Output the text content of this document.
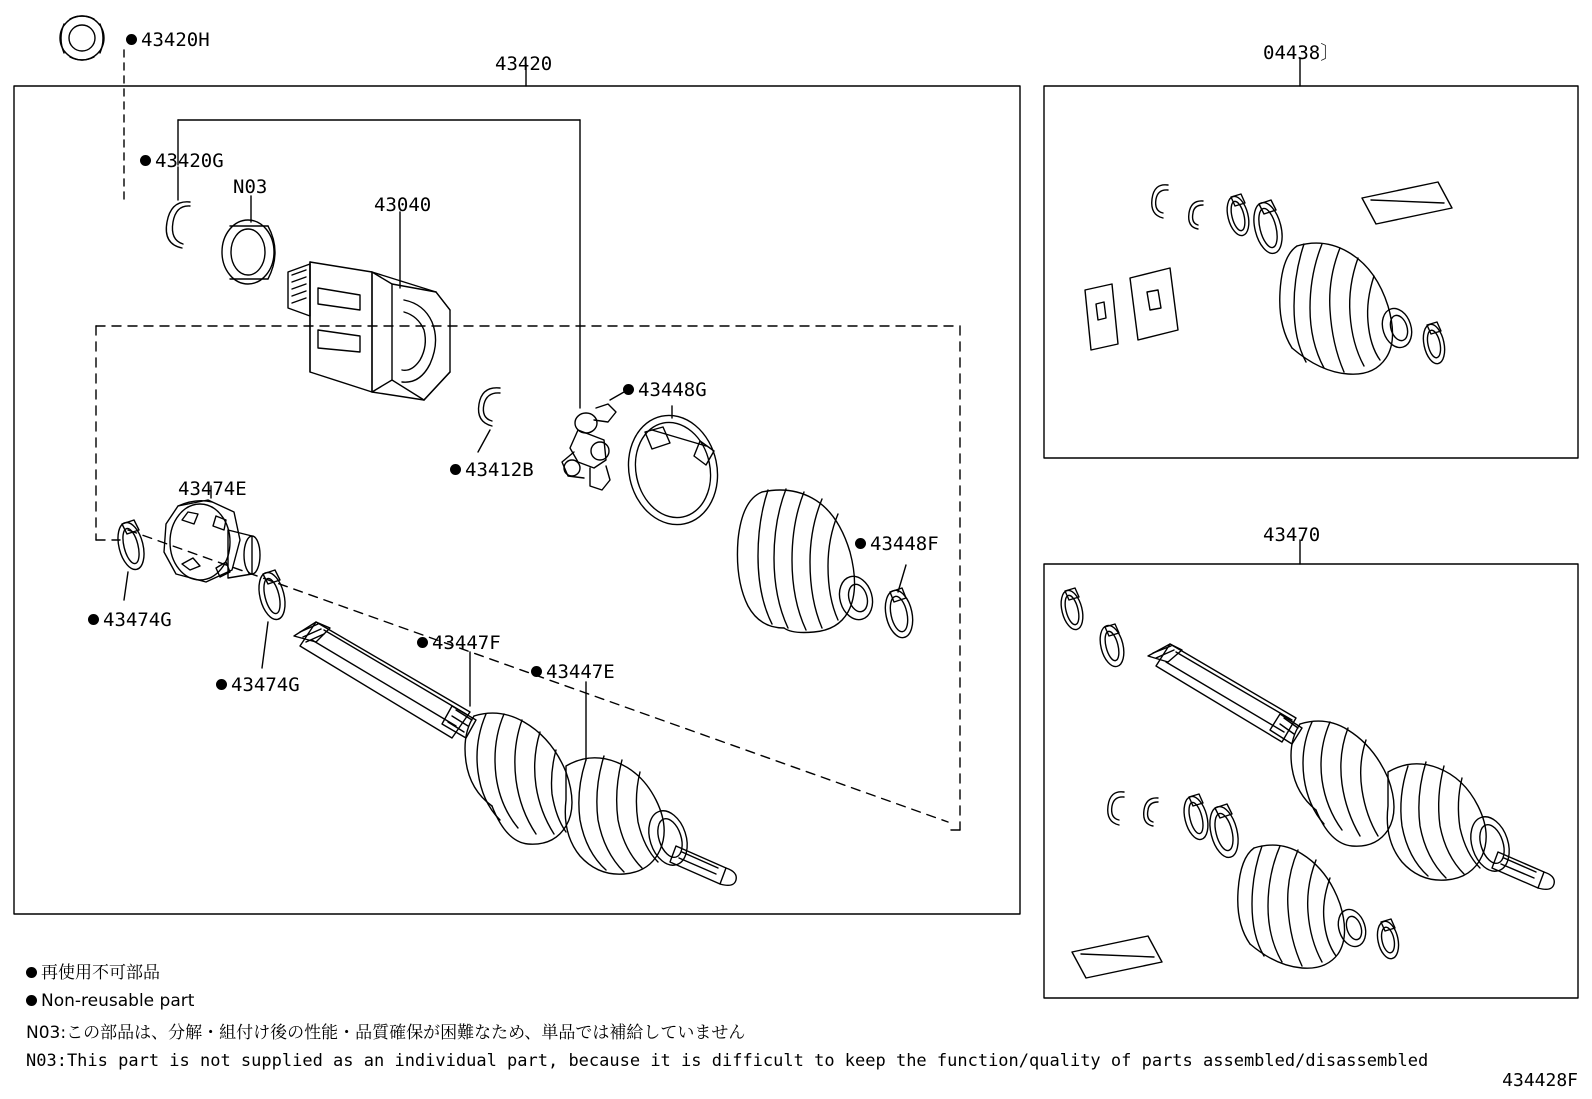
43420H
43420	04438〕
43420G
N03
43040
43448G
43412B
43474E
43448F	43470
43474G
43447F
43447E
43474G
再使用不可部品
Non-reusable part
N03:この部品は、分解・組付け後の性能・品質確保が困難なため、単品では補給していません
N03:This part is not supplied as an individual part, because it is difficult to keep the function/quality of parts assembled/disassembled
434428F
